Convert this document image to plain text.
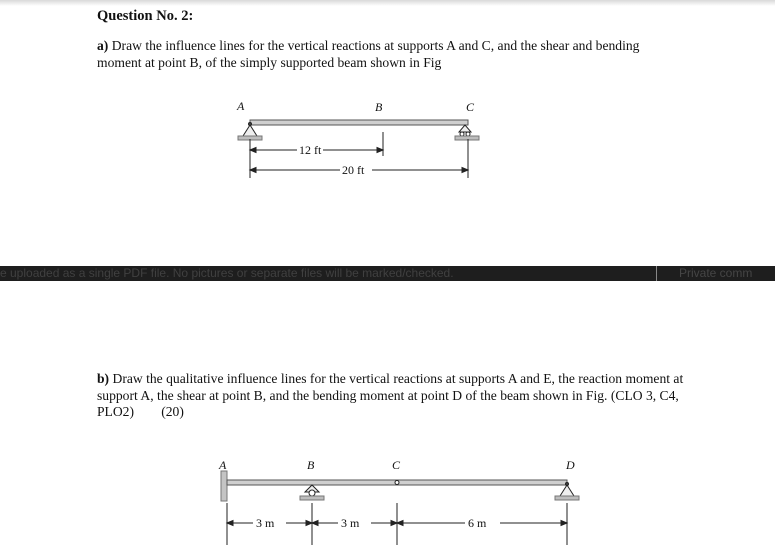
Question No. 2:
a) Draw the influence lines for the vertical reactions at supports A and C, and the shear and bending moment at point B, of the simply supported beam shown in Fig
A	B	C
12 ft
20 ft
e uploaded as a single PDF file. No pictures or separate files will be marked/checked.	Private comm
b) Draw the qualitative influence lines for the vertical reactions at supports A and E, the reaction moment at support A, the shear at point B, and the bending moment at point D of the beam shown in Fig. (CLO 3, C4, PLO2) (20)
A	B	C	D
3 m	3 m	6 m
